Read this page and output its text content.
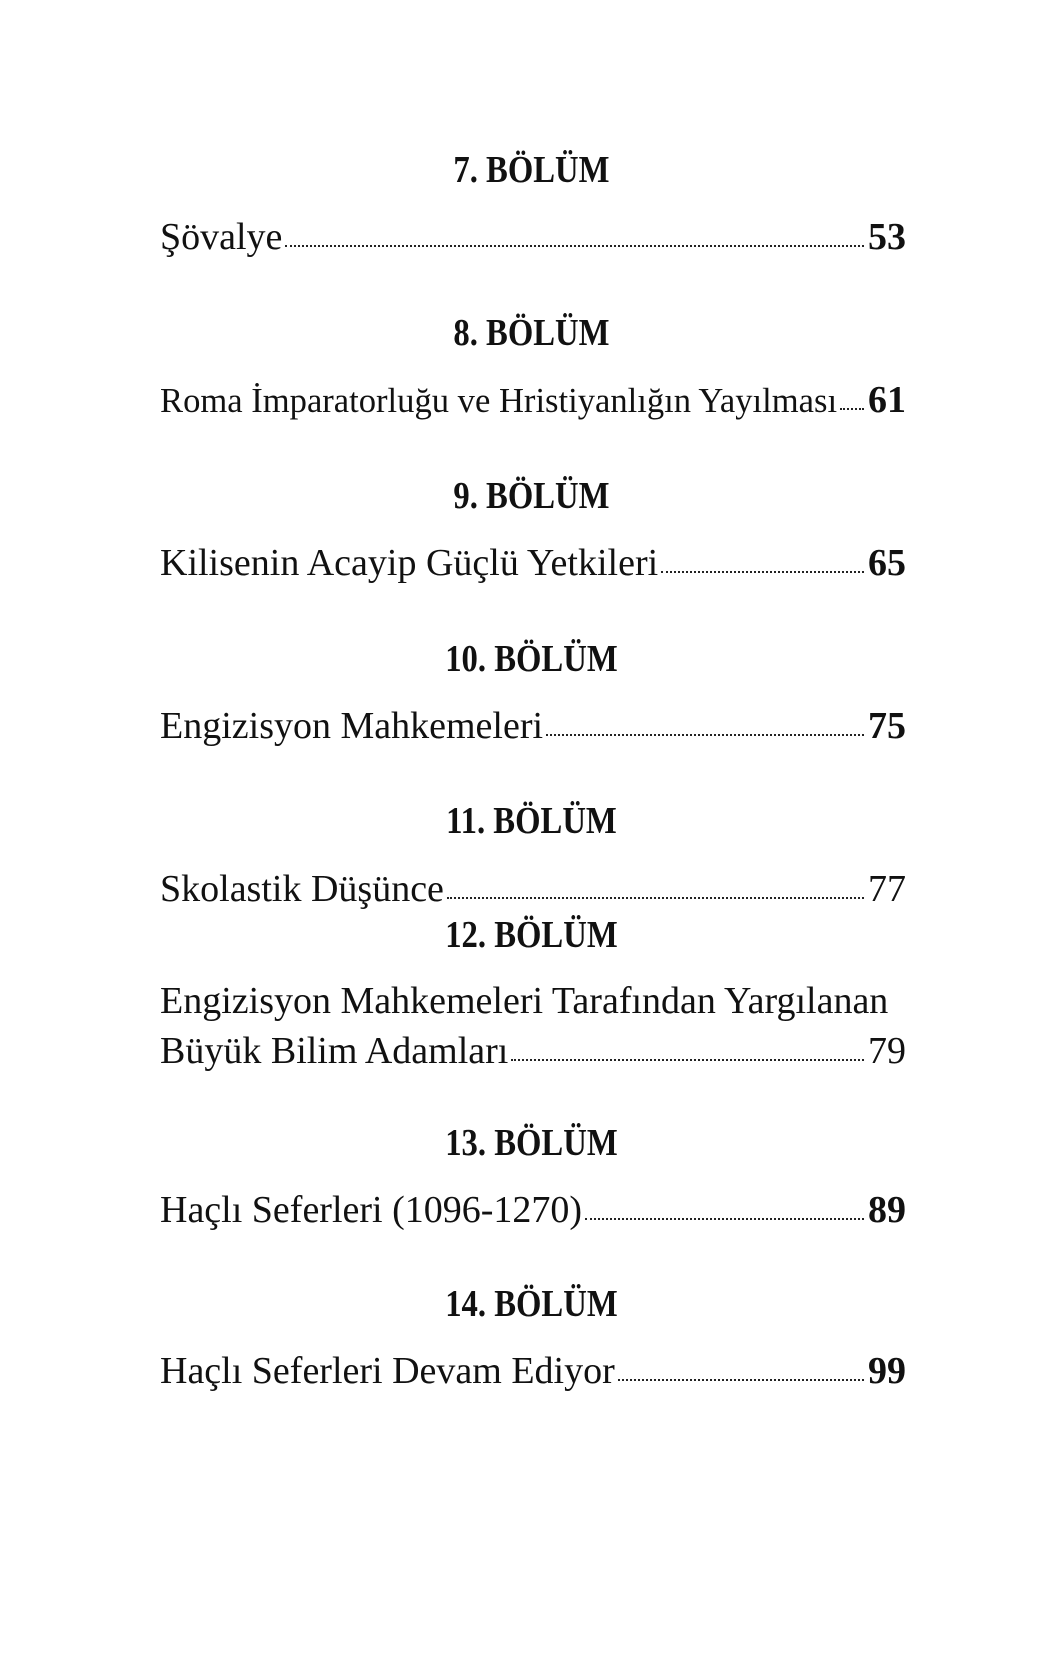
7. BÖLÜM
Şövalye	53
8. BÖLÜM
Roma İmparatorluğu ve Hristiyanlığın Yayılması 61
9. BÖLÜM
Kilisenin Acayip Güçlü Yetkileri	65
10. BÖLÜM
Engizisyon Mahkemeleri	75
11. BÖLÜM
Skolastik Düşünce	77
12. BÖLÜM
Engizisyon Mahkemeleri Tarafından Yargılanan
Büyük Bilim Adamları	79
13. BÖLÜM
Haçlı Seferleri (1096-1270)	89
14. BÖLÜM
Haçlı Seferleri Devam Ediyor	99
